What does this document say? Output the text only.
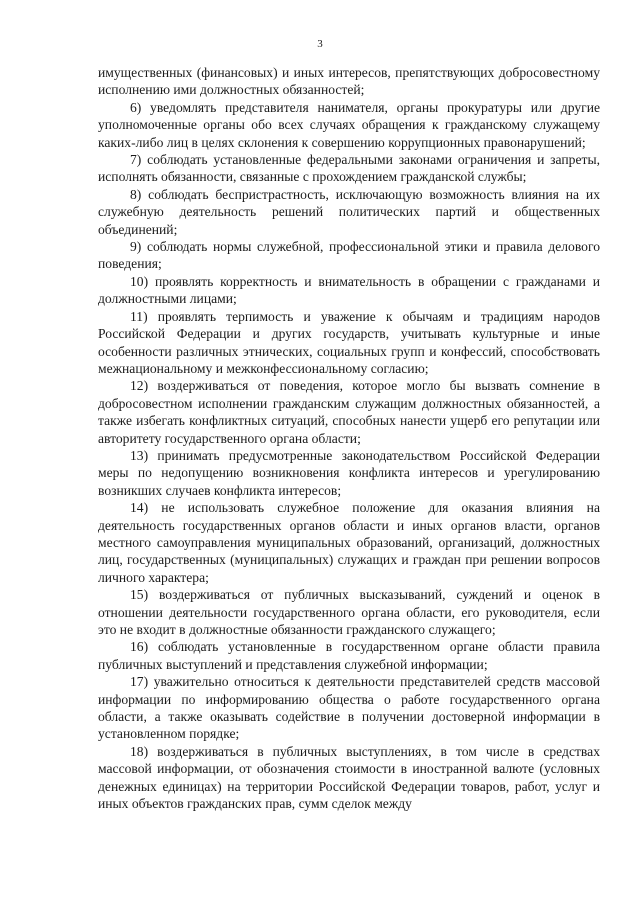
3

имущественных (финансовых) и иных интересов, препятствующих добросовестному исполнению ими должностных обязанностей;

6) уведомлять представителя нанимателя, органы прокуратуры или другие уполномоченные органы обо всех случаях обращения к гражданскому служащему каких-либо лиц в целях склонения к совершению коррупционных правонарушений;

7) соблюдать установленные федеральными законами ограничения и запреты, исполнять обязанности, связанные с прохождением гражданской службы;

8) соблюдать беспристрастность, исключающую возможность влияния на их служебную деятельность решений политических партий и общественных объединений;

9) соблюдать нормы служебной, профессиональной этики и правила делового поведения;

10) проявлять корректность и внимательность в обращении с гражданами и должностными лицами;

11) проявлять терпимость и уважение к обычаям и традициям народов Российской Федерации и других государств, учитывать культурные и иные особенности различных этнических, социальных групп и конфессий, способствовать межнациональному и межконфессиональному согласию;

12) воздерживаться от поведения, которое могло бы вызвать сомнение в добросовестном исполнении гражданским служащим должностных обязанностей, а также избегать конфликтных ситуаций, способных нанести ущерб его репутации или авторитету государственного органа области;

13) принимать предусмотренные законодательством Российской Федерации меры по недопущению возникновения конфликта интересов и урегулированию возникших случаев конфликта интересов;

14) не использовать служебное положение для оказания влияния на деятельность государственных органов области и иных органов власти, органов местного самоуправления муниципальных образований, организаций, должностных лиц, государственных (муниципальных) служащих и граждан при решении вопросов личного характера;

15) воздерживаться от публичных высказываний, суждений и оценок в отношении деятельности государственного органа области, его руководителя, если это не входит в должностные обязанности гражданского служащего;

16) соблюдать установленные в государственном органе области правила публичных выступлений и представления служебной информации;

17) уважительно относиться к деятельности представителей средств массовой информации по информированию общества о работе государственного органа области, а также оказывать содействие в получении достоверной информации в установленном порядке;

18) воздерживаться в публичных выступлениях, в том числе в средствах массовой информации, от обозначения стоимости в иностранной валюте (условных денежных единицах) на территории Российской Федерации товаров, работ, услуг и иных объектов гражданских прав, сумм сделок между
